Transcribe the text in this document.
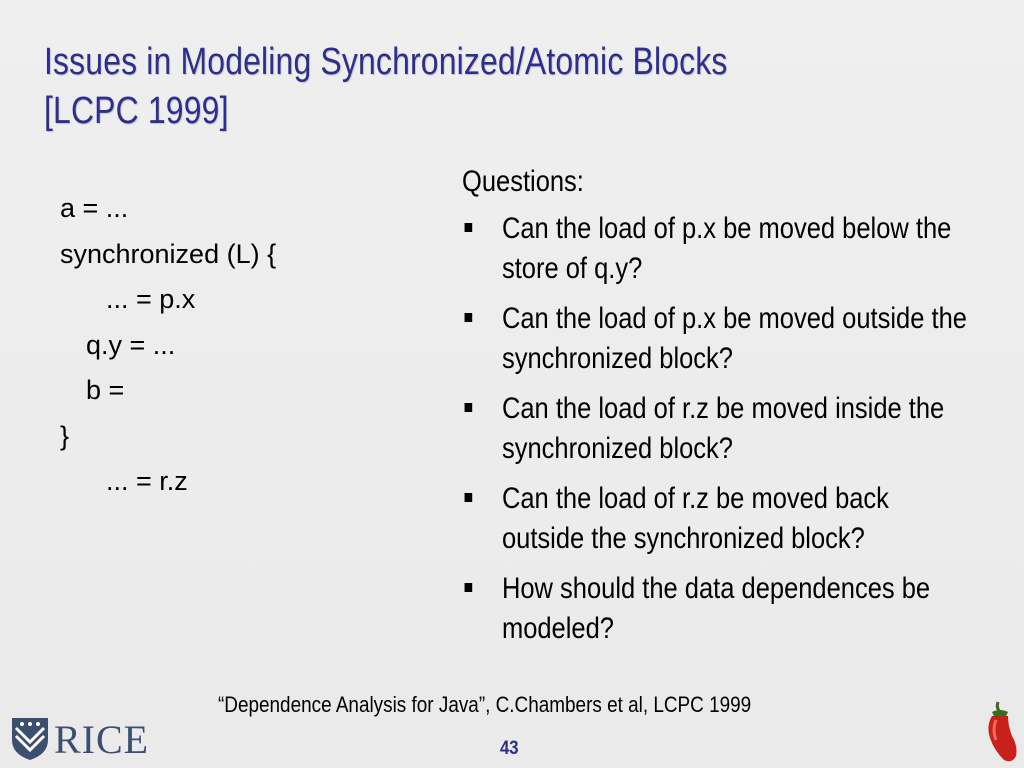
Issues in Modeling Synchronized/Atomic Blocks
[LCPC 1999]
a = ...
synchronized (L) {
... = p.x
q.y = ...
b =
}
... = r.z
Questions:
Can the load of p.x be moved below the store of q.y?
Can the load of p.x be moved outside the synchronized block?
Can the load of r.z be moved inside the synchronized block?
Can the load of r.z be moved back outside the synchronized block?
How should the data dependences be modeled?
“Dependence Analysis for Java”, C.Chambers et al, LCPC 1999
43
RICE
